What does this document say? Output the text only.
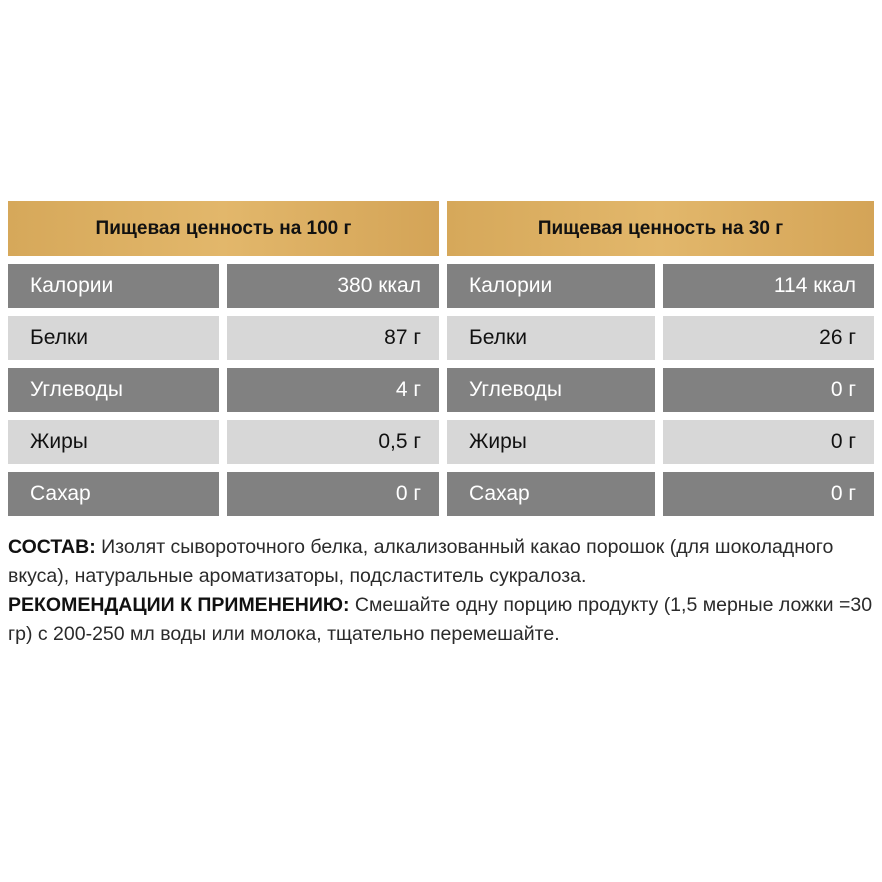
Пищевая ценность на 100 г
Калории	380 ккал
Белки	87 г
Углеводы	4 г
Жиры	0,5 г
Сахар	0 г
Пищевая ценность на 30 г
Калории	114 ккал
Белки	26 г
Углеводы	0 г
Жиры	0 г
Сахар	0 г

СОСТАВ: Изолят сывороточного белка, алкализованный какао порошок (для шоколадного вкуса), натуральные ароматизаторы, подсластитель сукралоза.

РЕКОМЕНДАЦИИ К ПРИМЕНЕНИЮ: Смешайте одну порцию продукту (1,5 мерные ложки =30 гр) с 200-250 мл воды или молока, тщательно перемешайте.
